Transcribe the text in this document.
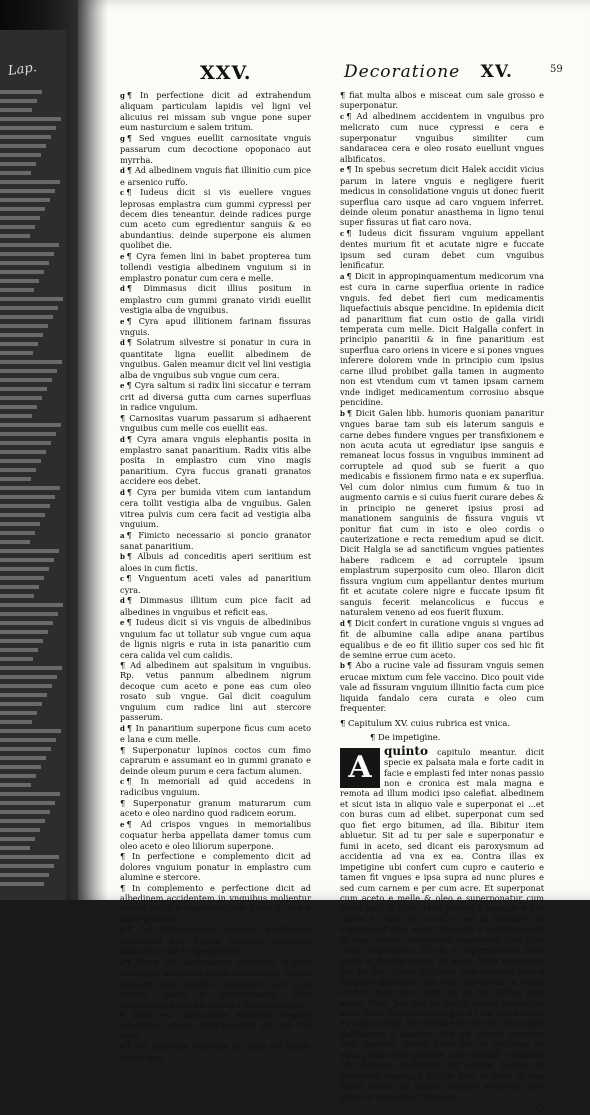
Lap.	XXV.	Decoratione XV.	59
g ¶ In perfectione dicit ad extrahendum aliquam particulam lapidis vel ligni vel alicuius rei missam sub vngue pone super eum nasturcium e salem tritum.
g ¶ Sed vngues euellit carnositate vnguis passarum cum decoctione opoponaco aut myrrha.
d ¶ Ad albedinem vnguis fiat illinitio cum pice e arsenico ruffo.
c ¶ Iudeus dicit si vis euellere vngues leprosas emplastra cum gummi cypressi per decem dies teneantur. deinde radices purge cum aceto cum egredientur sanguis & eo abundantius. deinde superpone eis alumen quolibet die.
e ¶ Cyra femen lini in babet propterea tum tollendi vestigia albedinem vnguium si in emplastro ponatur cum cera e melle.
d ¶ Dimmasus dicit illius positum in emplastro cum gummi granato viridi euellit vestigia alba de vnguibus.
e ¶ Cyra apud illitionem farinam fissuras vnguis.
d ¶ Solatrum silvestre si ponatur in cura in quantitate ligna euellit albedinem de vnguibus. Galen meamur dicit vel lini vestigia alba de vnguibus sub vngue cum cera.
e ¶ Cyra saltum si radix lini siccatur e terram crit ad diversa gutta cum carnes superfluas in radice vnguium.
¶ Carnositas vuarum passarum si adhaerent vnguibus cum melle cos euellit eas.
d ¶ Cyra amara vnguis elephantis posita in emplastro sanat panaritium. Radix vitis albe posita in emplastro cum vino magis panaritium. Cyra fuccus granati granatos accidere eos debet.
d ¶ Cyra per bumida vitem cum iantandum cera tollit vestigia alba de vnguibus. Galen vitrea pulvis cum cera facit ad vestigia alba vnguium.
a ¶ Fimicto necessario si poncio granator sanat panaritium.
b ¶ Albuis ad conceditis aperi seritium est aloes in cum fictis.
c ¶ Vnguentum aceti vales ad panaritium cyra.
d ¶ Dimmasus illitum cum pice facit ad albedines in vnguibus et reficit eas.
e ¶ Iudeus dicit si vis vnguis de albedinibus vnguium fac ut tollatur sub vngue cum aqua de lignis nigris e ruta in ista panaritio cum cera calida vel cum calidis.
¶ Ad albedinem aut spalsitum in vnguibus. Rp. vetus pannum albedinem nigrum decoque cum aceto e pone eas cum oleo rosato sub vngue. Gal dicit coagulum vnguium cum radice lini aut stercore passerum.
d ¶ In panaritium superpone ficus cum aceto e lana e cum melle.
¶ Superponatur lupinos coctos cum fimo caprarum e assumant eo in gummi granato e deinde oleum purum e cera factum alumen.
c ¶ In memoriali ad quid accedens in radicibus vnguium.
¶ Superponatur granum maturarum cum aceto e oleo nardino quod radicem eorum.
e ¶ Ad crispos vngues in memorialibus coquatur herba appellata damer tomus cum oleo aceto e oleo liliorum superpone.
¶ In perfectione e complemento dicit ad dolores vnguium ponatur in emplastro cum alumine e stercore.
¶ In complemento e perfectione dicit ad albedinem accidentem in vnguibus molientur semen lini e fenugrecum cum melle e cera e superponatur.
c ¶ Ad extrahendum aliquam particulam immissam sub vngue terantur modicum nasturcii e sal e superponatur.
c ¶ Doce est medicamen excellens vngues corruptos absque dolorem carnositate vnguis passare cum modico opoponaco aut cum arbore ipsius e superponatur. Illud medicamen vales ad sfalcia e fissuras vnguis.
¶ Doce est medicamen excellens vngues albedinem curas superponatur eis sex vel octo.
e ¶ Ad pruritum vnguium in ligno vel lapide sub vngue.
¶ fiat multa albos e misceat cum sale grosso e superponatur.
c ¶ Ad albedinem accidentem in vnguibus pro melicrato cum nuce cypressi e cera e superponatur vnguibus similiter cum sandaracea cera e oleo rosato euellunt vngues albificatos.
e ¶ In spebus secretum dicit Halek accidit vicius parum in latere vnguis e negligere fuerit medicus in consolidatione vnguis ut donec fuerit superflua caro usque ad caro vnguem inferret. deinde oleum ponatur anasthema in ligno tenui super fissuras ut fiat caro nova.
c ¶ Iudeus dicit fissuram vnguium appellant dentes murium fit et acutate nigre e fuccate ipsum sed curam debet cum vnguibus lenificatur.
a ¶ Dicit in appropinquamentum medicorum vna est cura in carne superflua oriente in radice vnguis. fed debet fieri cum medicamentis liquefactiuis absque pencidine. In epidemia dicit ad panaritium fiat cum ostio de galla viridi temperata cum melle. Dicit Halgalla confert in principio panaritii & in fine panaritium est superflua caro oriens in vicere e si pones vngues inferere dolorem vnde in principio cum ipsius carne illud probibet galla tamen in augmento non est vtendum cum vt tamen ipsam carnem vnde indiget medicamentum corrosiuo absque pencidine.
b ¶ Dicit Galen libb. humoris quoniam panaritur vngues barae tam sub eis laterum sanguis e carne debes fundere vngues per transfixionem e non acuta acuta ut egrediatur ipse sanguis e remaneat locus fossus in vnguibus imminent ad corruptele ad quod sub se fuerit a quo medicabis e fissionem firmo nata e ex superflua. Vel cum dolor nimius cum fumum & tuo in augmento carnis e si cuius fuerit curare debes & in principio ne generet ipsius prosi ad manationem sanguinis de fissura vnguis vt ponitur fiat cum in isto e oleo cordis o cauterizatione e recta remedium apud se dicit. Dicit Halgla se ad sanctificum vngues patientes habere radicem e ad corruptele ipsum emplastrum superposito cum oleo. Illaron dicit fissura vngium cum appellantur dentes murium fit et acutate colere nigre e fuccate ipsum fit sanguis fecerit melancolicus e fuccus e naturalem veneno ad eos fuerit fluxum.
d ¶ Dicit confert in curatione vnguis si vngues ad fit de albumine calla adipe anana partibus equalibus e de eo fit illitio super cos sed hic fit de semine errue cum aceto.
b ¶ Abo a rucine vale ad fissuram vnguis semen erucae mixtum cum fele vaccino. Dico pouit vide vale ad fissuram vnguium illinitio facta cum pice liquida fandalo cera curata e oleo cum frequenter.
¶ Capitulum XV. cuius rubrica est vnica.
¶ De impetigine.
A	quinto capitulo meantur. dicit specie ex palsata mala e forte cadit in facie e emplasti fed inter nonas passio non e cronica est mala magna e remota ad illum modici ipso calefiat. albedinem et sicut ista in aliquo vale e superponat ei ...et con buras cum ad elibet. superponat cum sed quo fiet ergo bitumen, ad illa. Bibitur item abluetur. Sit ad tu per sale e superponatur e fumi in aceto, sed dicant eis paroxysmum ad accidentia ad vna ex ea. Contra illas ex impetigine ubi confert cum cupro e cauterio e tamen fit vngues e ipsa supra ad nunc plures e sed cum carnem e per cum acre. Et superponat cum aceto e melle & oleo e superponatur cum aceto auid & fune. Mite pueros e sanguis e per morte e cuius est e sal e sed in tremore. Et superponat cum aceto tempore e superponatur. Di tunc roseis conferentes impetigem fiunt cum colla carpentaria. Et sic e superponatur. Cum aceto e superponatur. At alius. Mite impetigini fiat pe fiat illiruo. Alij fiunt cum laureola pira e fuliginis glutinum coo cum vaccarum e aceto sciri e cum oleo fuerit de eo fiat illiruo cum aceto. Dico. per vidi ad magis celere impetigini sicut illitio facta cum oleo per e cum ftrata fuerit ex aqua calida sed deinde illiruo sit cum adipe gallinarum e anatum sive ad cuncto conectio cum sapiens: tamen prius fiat et epithima ex aqua calida vice qualibet cum rubefiet e sanatur cito fuperus impetigini est oleum. Dicitur in prouerbio impetigo dicitur fieri in bono in qua fuerit oleum. In quinto capitulo meantur. dicit piper et res confert impetigo.
O
